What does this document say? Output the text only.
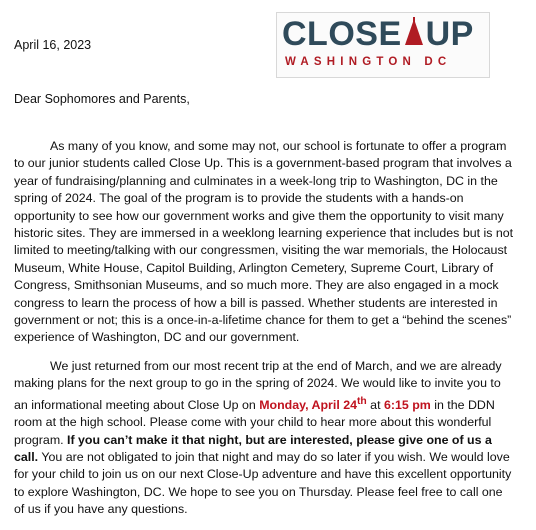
April 16, 2023	CLOSE UP
WASHINGTON DC
Dear Sophomores and Parents,

As many of you know, and some may not, our school is fortunate to offer a program to our junior students called Close Up. This is a government-based program that involves a year of fundraising/planning and culminates in a week-long trip to Washington, DC in the spring of 2024. The goal of the program is to provide the students with a hands-on opportunity to see how our government works and give them the opportunity to visit many historic sites. They are immersed in a weeklong learning experience that includes but is not limited to meeting/talking with our congressmen, visiting the war memorials, the Holocaust Museum, White House, Capitol Building, Arlington Cemetery, Supreme Court, Library of Congress, Smithsonian Museums, and so much more. They are also engaged in a mock congress to learn the process of how a bill is passed. Whether students are interested in government or not; this is a once-in-a-lifetime chance for them to get a “behind the scenes” experience of Washington, DC and our government.

We just returned from our most recent trip at the end of March, and we are already making plans for the next group to go in the spring of 2024. We would like to invite you to an informational meeting about Close Up on Monday, April 24th at 6:15 pm in the DDN room at the high school. Please come with your child to hear more about this wonderful program. If you can’t make it that night, but are interested, please give one of us a call. You are not obligated to join that night and may do so later if you wish. We would love for your child to join us on our next Close-Up adventure and have this excellent opportunity to explore Washington, DC. We hope to see you on Thursday. Please feel free to call one of us if you have any questions.
